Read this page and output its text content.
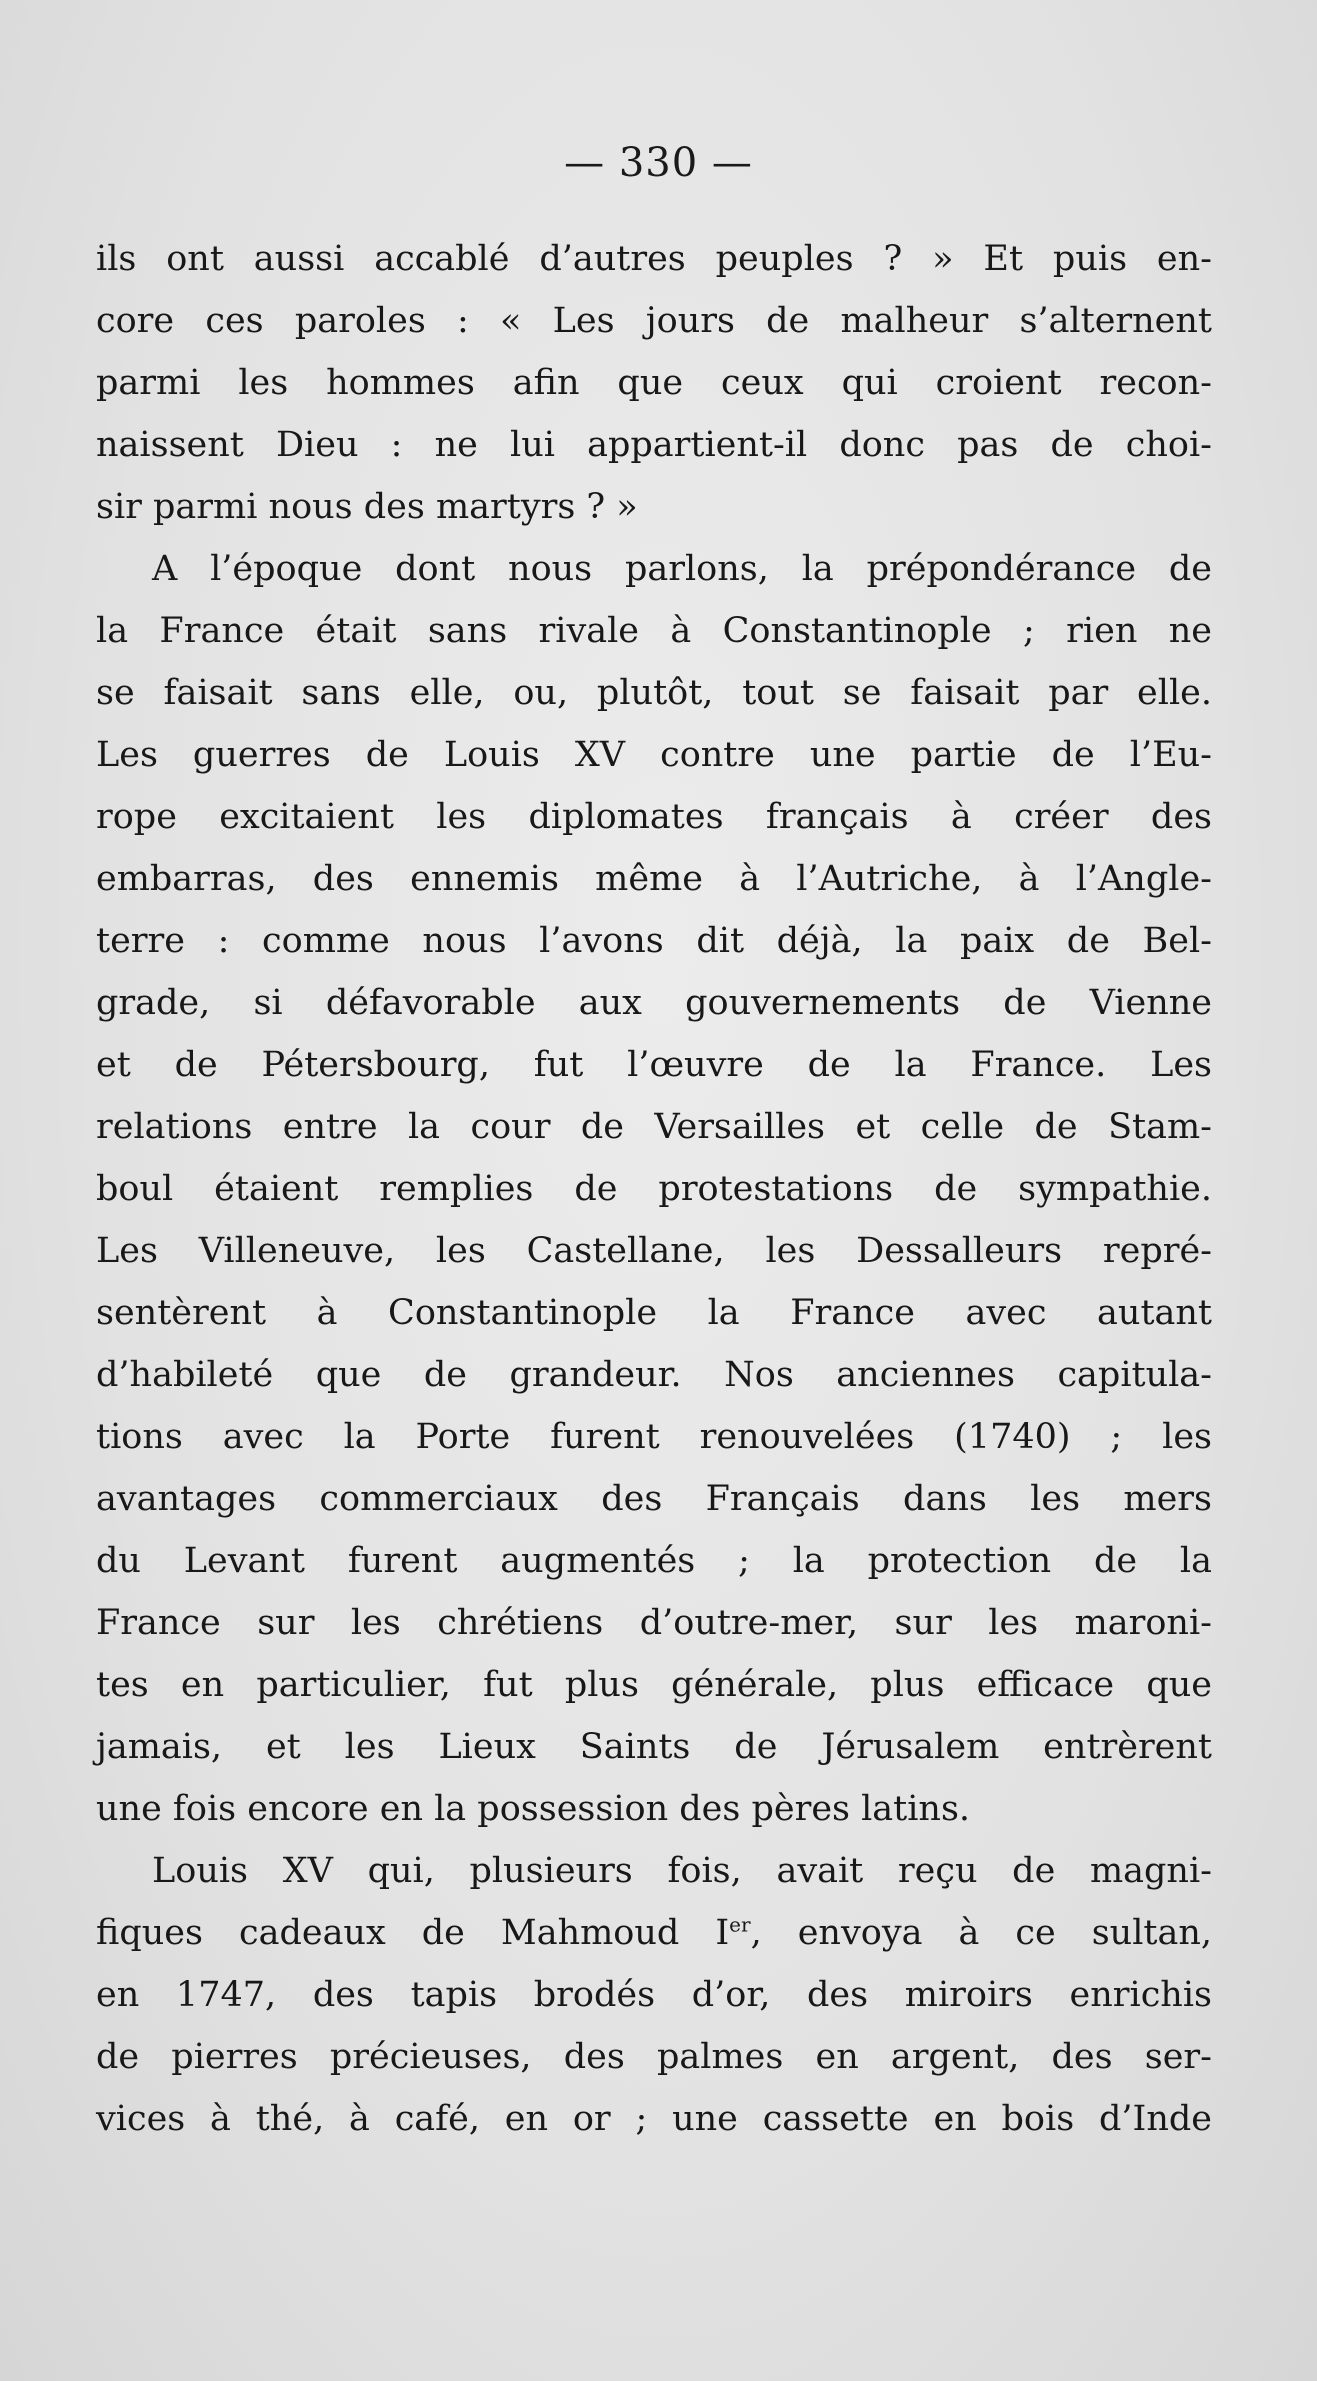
— 330 —
ils ont aussi accablé d’autres peuples ? » Et puis en-
core ces paroles : « Les jours de malheur s’alternent
parmi les hommes afin que ceux qui croient recon-
naissent Dieu : ne lui appartient-il donc pas de choi-
sir parmi nous des martyrs ? »
A l’époque dont nous parlons, la prépondérance de
la France était sans rivale à Constantinople ; rien ne
se faisait sans elle, ou, plutôt, tout se faisait par elle.
Les guerres de Louis XV contre une partie de l’Eu-
rope excitaient les diplomates français à créer des
embarras, des ennemis même à l’Autriche, à l’Angle-
terre : comme nous l’avons dit déjà, la paix de Bel-
grade, si défavorable aux gouvernements de Vienne
et de Pétersbourg, fut l’œuvre de la France. Les
relations entre la cour de Versailles et celle de Stam-
boul étaient remplies de protestations de sympathie.
Les Villeneuve, les Castellane, les Dessalleurs repré-
sentèrent à Constantinople la France avec autant
d’habileté que de grandeur. Nos anciennes capitula-
tions avec la Porte furent renouvelées (1740) ; les
avantages commerciaux des Français dans les mers
du Levant furent augmentés ; la protection de la
France sur les chrétiens d’outre-mer, sur les maroni-
tes en particulier, fut plus générale, plus efficace que
jamais, et les Lieux Saints de Jérusalem entrèrent
une fois encore en la possession des pères latins.
Louis XV qui, plusieurs fois, avait reçu de magni-
fiques cadeaux de Mahmoud Ier, envoya à ce sultan,
en 1747, des tapis brodés d’or, des miroirs enrichis
de pierres précieuses, des palmes en argent, des ser-
vices à thé, à café, en or ; une cassette en bois d’Inde
